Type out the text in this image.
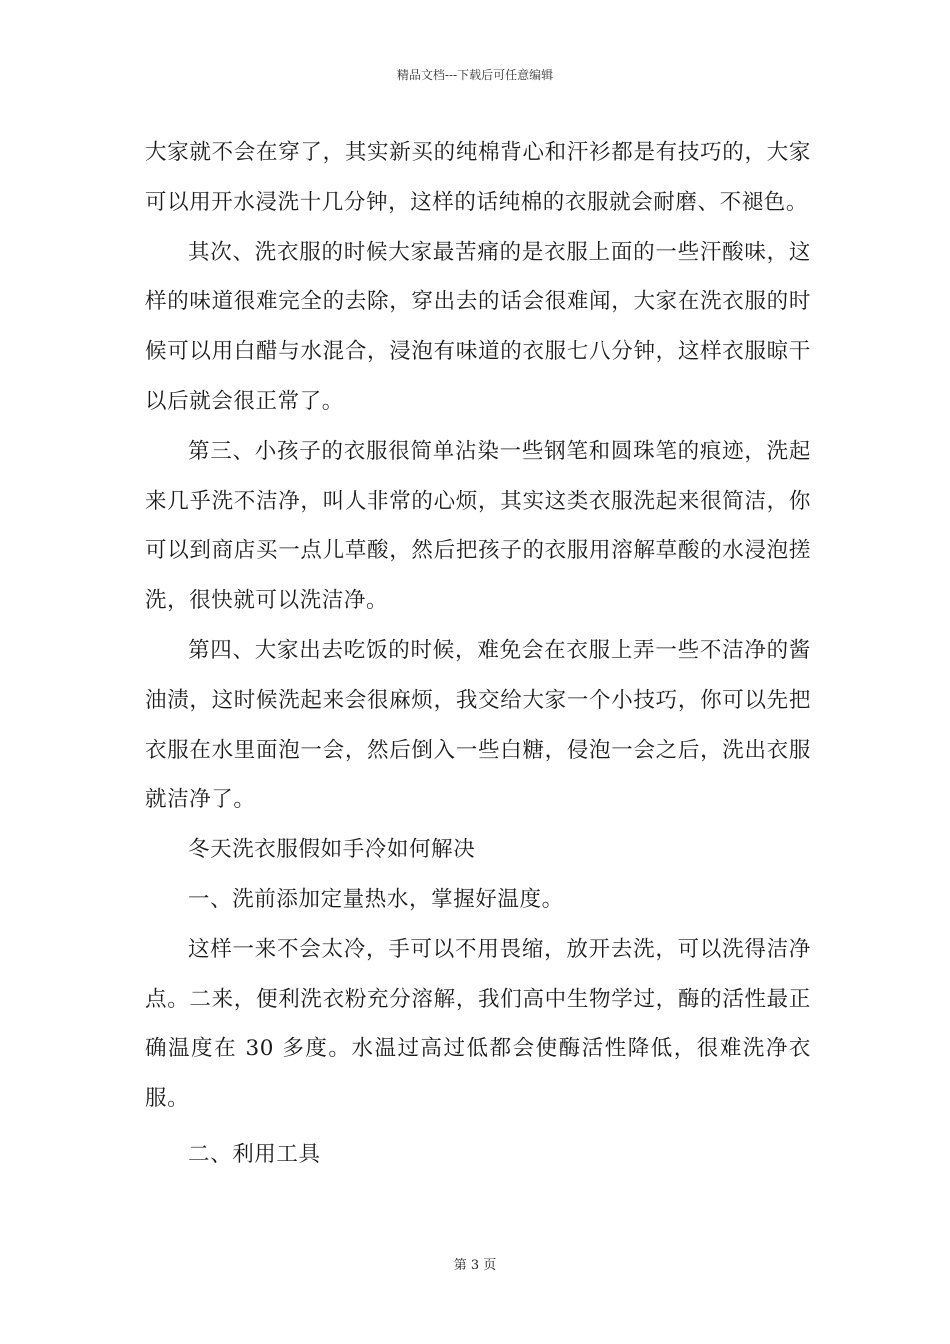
精品文档---下载后可任意编辑

大家就不会在穿了，其实新买的纯棉背心和汗衫都是有技巧的，大家可以用开水浸洗十几分钟，这样的话纯棉的衣服就会耐磨、不褪色。

其次、洗衣服的时候大家最苦痛的是衣服上面的一些汗酸味，这样的味道很难完全的去除，穿出去的话会很难闻，大家在洗衣服的时候可以用白醋与水混合，浸泡有味道的衣服七八分钟，这样衣服晾干以后就会很正常了。

第三、小孩子的衣服很简单沾染一些钢笔和圆珠笔的痕迹，洗起来几乎洗不洁净，叫人非常的心烦，其实这类衣服洗起来很简洁，你可以到商店买一点儿草酸，然后把孩子的衣服用溶解草酸的水浸泡搓洗，很快就可以洗洁净。

第四、大家出去吃饭的时候，难免会在衣服上弄一些不洁净的酱油渍，这时候洗起来会很麻烦，我交给大家一个小技巧，你可以先把衣服在水里面泡一会，然后倒入一些白糖，侵泡一会之后，洗出衣服就洁净了。

冬天洗衣服假如手冷如何解决

一、洗前添加定量热水，掌握好温度。

这样一来不会太冷，手可以不用畏缩，放开去洗，可以洗得洁净点。二来，便利洗衣粉充分溶解，我们高中生物学过，酶的活性最正确温度在 30 多度。水温过高过低都会使酶活性降低，很难洗净衣服。

二、利用工具

第 3 页
